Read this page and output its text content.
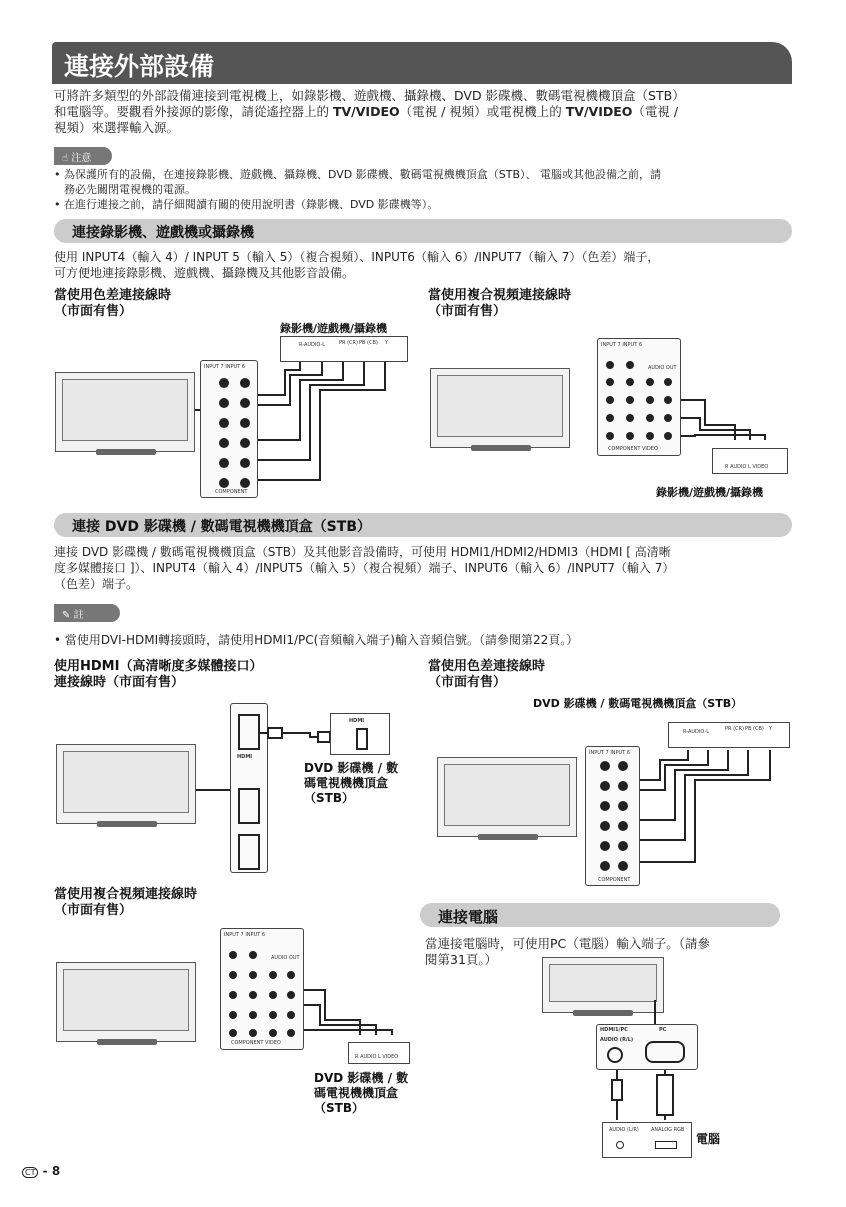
連接外部設備
可將許多類型的外部設備連接到電視機上，如錄影機、遊戲機、攝錄機、DVD 影碟機、數碼電視機機頂盒（STB）
和電腦等。要觀看外接源的影像，請從遙控器上的 TV/VIDEO（電視 / 視頻）或電視機上的 TV/VIDEO（電視 /
視頻）來選擇輸入源。
☝ 注意
• 為保護所有的設備，在連接錄影機、遊戲機、攝錄機、DVD 影碟機、數碼電視機機頂盒（STB）、 電腦或其他設備之前，請
務必先關閉電視機的電源。
• 在進行連接之前，請仔細閱讀有關的使用說明書（錄影機、DVD 影碟機等）。
連接錄影機、遊戲機或攝錄機
使用 INPUT4（輸入 4）/ INPUT 5（輸入 5）（複合視頻）、INPUT6（輸入 6）/INPUT7（輸入 7）（色差）端子，
可方便地連接錄影機、遊戲機、攝錄機及其他影音設備。
當使用色差連接線時
（市面有售）
當使用複合視頻連接線時
（市面有售）
錄影機/遊戲機/攝錄機
INPUT 7 INPUT 6
COMPONENT
R-AUDIO-L	PR (CR) PB (CB) Y	INPUT 7 INPUT 6
AUDIO OUT
COMPONENT VIDEO
R AUDIO L VIDEO
錄影機/遊戲機/攝錄機
連接 DVD 影碟機 / 數碼電視機機頂盒（STB）
連接 DVD 影碟機 / 數碼電視機機頂盒（STB）及其他影音設備時，可使用 HDMI1/HDMI2/HDMI3（HDMI [ 高清晰
度多媒體接口 ]）、INPUT4（輸入 4）/INPUT5（輸入 5）（複合視頻）端子、INPUT6（輸入 6）/INPUT7（輸入 7）
（色差）端子。
✎ 註
• 當使用DVI-HDMI轉接頭時，請使用HDMI1/PC(音頻輸入端子)輸入音頻信號。（請參閱第22頁。）
使用HDMI（高清晰度多媒體接口）
連接線時（市面有售）
當使用色差連接線時
（市面有售）
DVD 影碟機 / 數碼電視機機頂盒（STB）
HDMI
HDMI
DVD 影碟機 / 數
碼電視機機頂盒
（STB）
INPUT 7 INPUT 6
COMPONENT
R-AUDIO-L	PR (CR) PB (CB) Y
當使用複合視頻連接線時
（市面有售）
INPUT 7 INPUT 6
AUDIO OUT
COMPONENT VIDEO
R AUDIO L VIDEO
DVD 影碟機 / 數
碼電視機機頂盒
（STB）
連接電腦
當連接電腦時，可使用PC（電腦）輸入端子。（請參
閱第31頁。）
HDMI1/PC	PC
AUDIO (R/L)
AUDIO (L/R) ANALOG RGB
電腦
CT - 8
